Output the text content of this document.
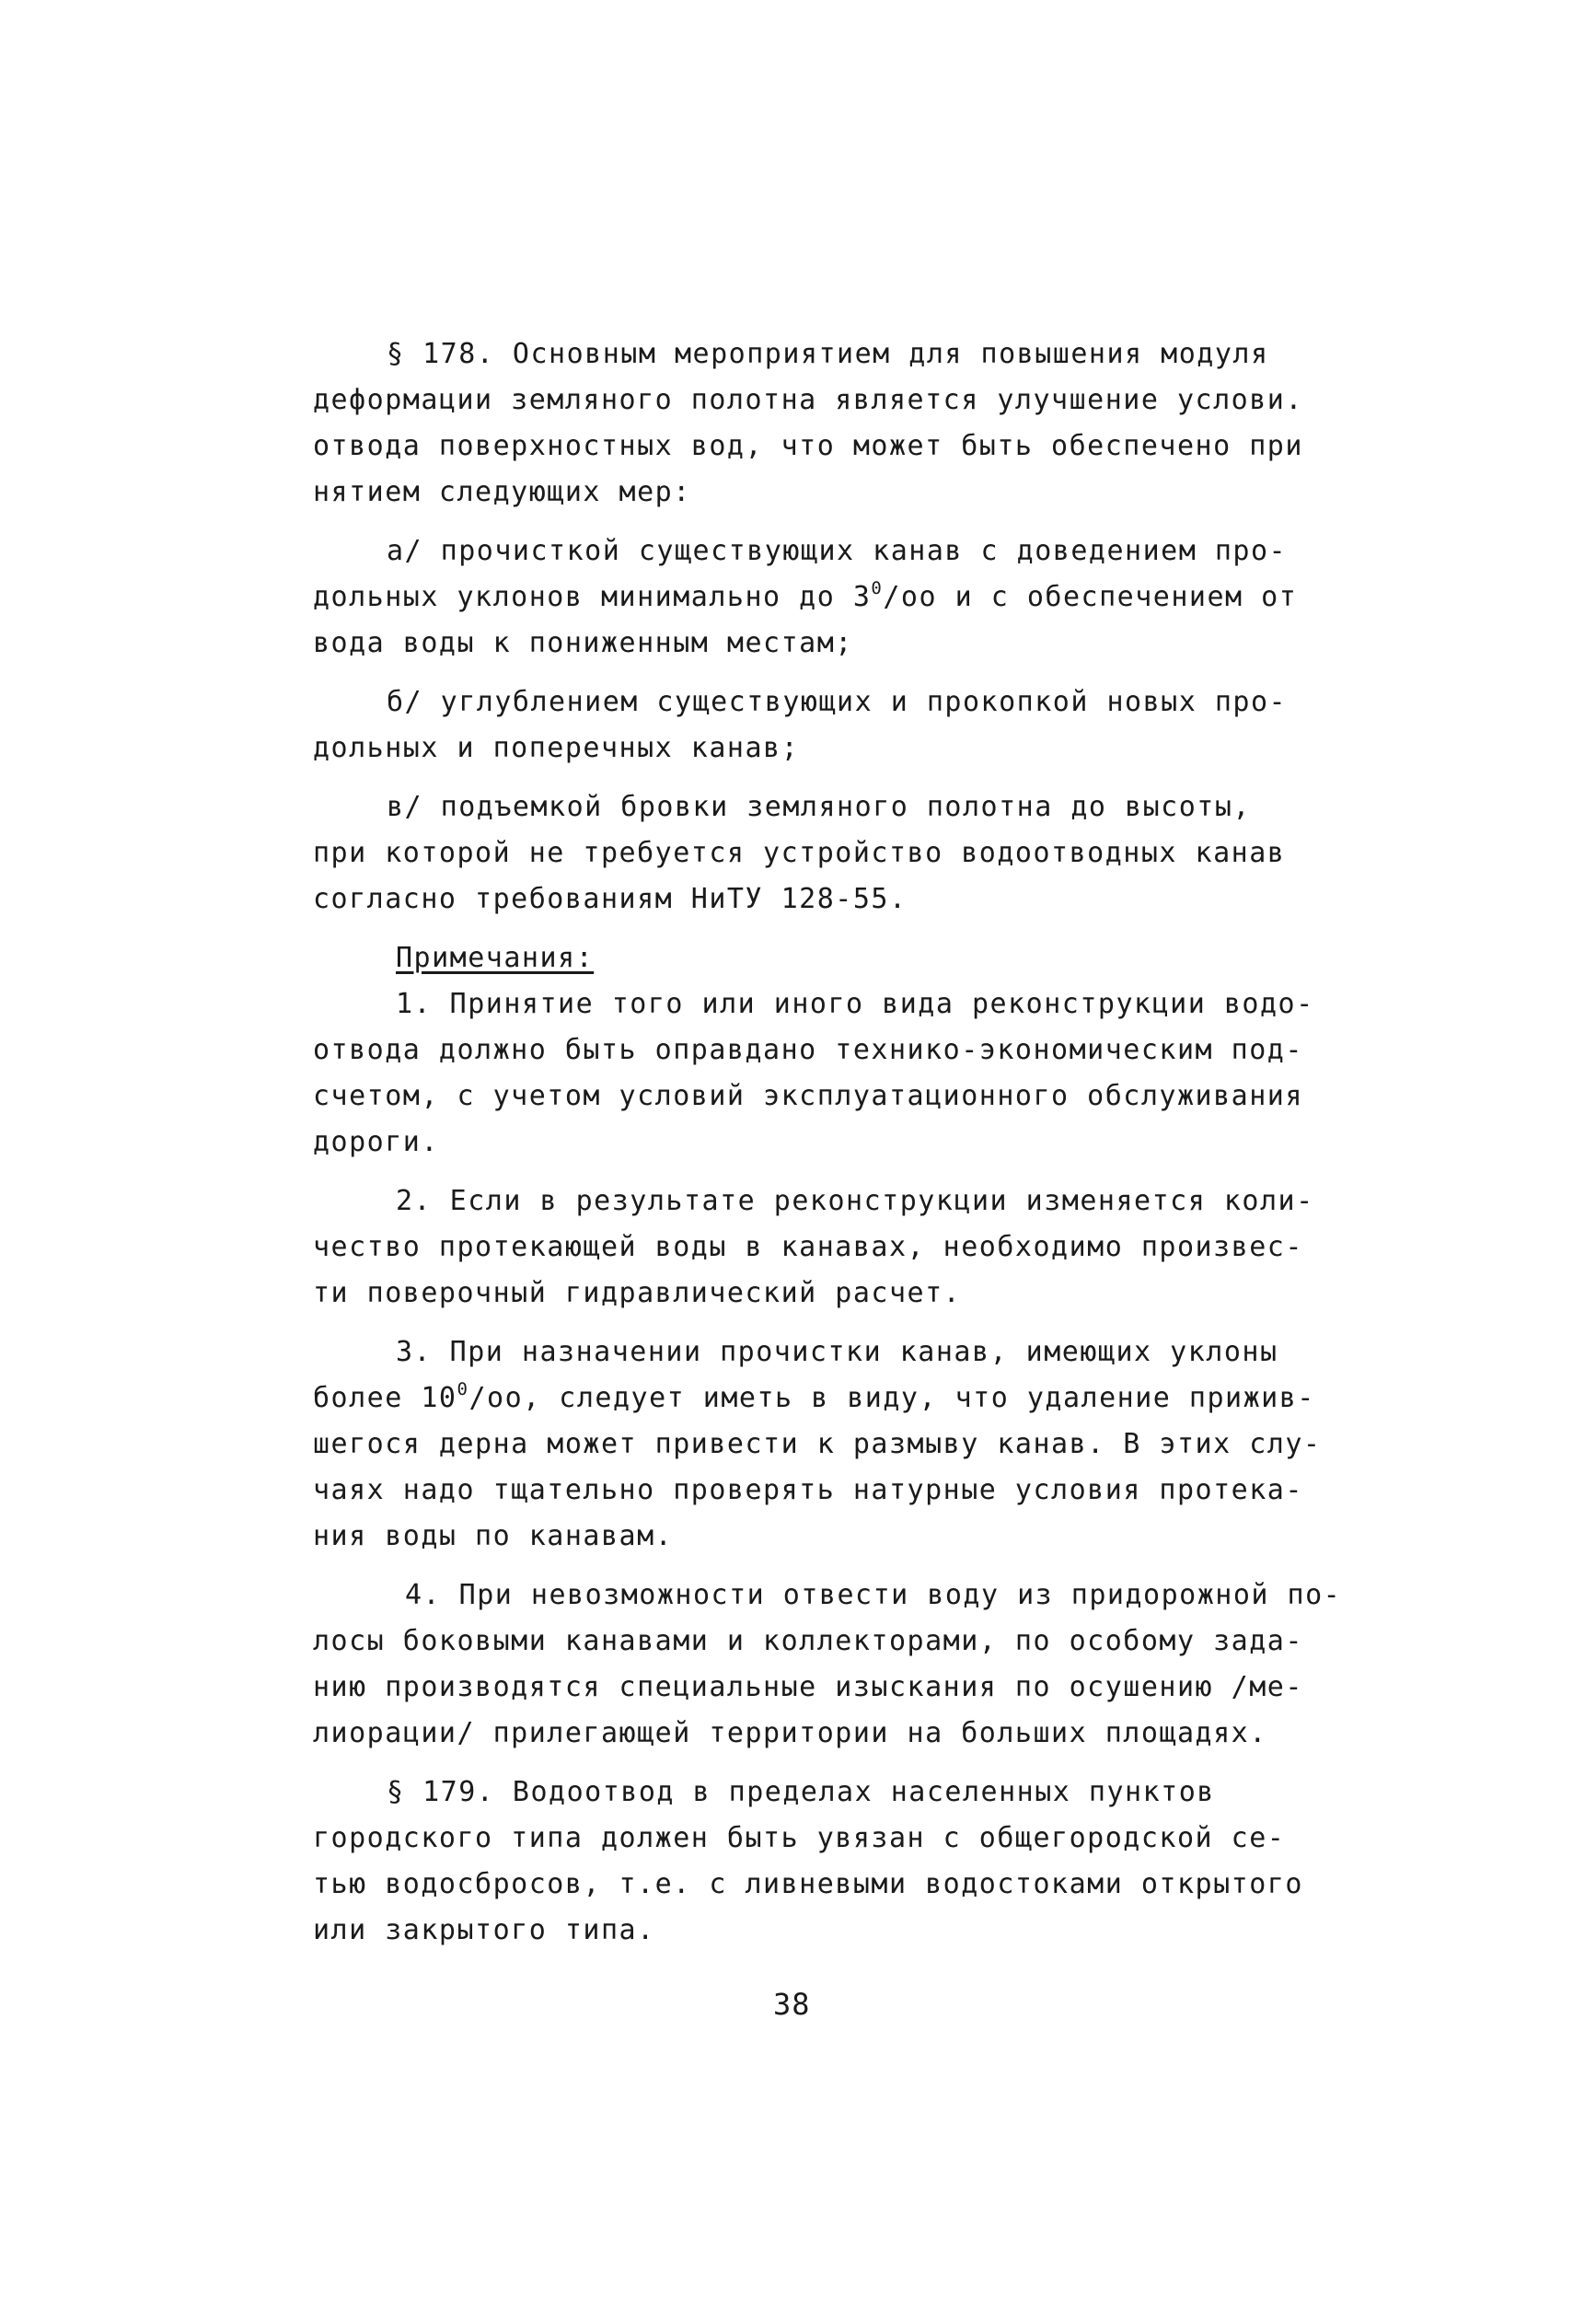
§ 178. Основным мероприятием для повышения модуля
деформации земляного полотна является улучшение услови.
отвода поверхностных вод, что может быть обеспечено при
нятием следующих мер:
а/ прочисткой существующих канав с доведением про-
дольных уклонов минимально до $3^0/оо$ и с обеспечением от
вода воды к пониженным местам;
б/ углублением существующих и прокопкой новых про-
дольных и поперечных канав;
в/ подъемкой бровки земляного полотна до высоты,
при которой не требуется устройство водоотводных канав
согласно требованиям НиТУ 128-55.
Примечания:
1. Принятие того или иного вида реконструкции водо-
отвода должно быть оправдано технико-экономическим под-
счетом, с учетом условий эксплуатационного обслуживания
дороги.
2. Если в результате реконструкции изменяется коли-
чество протекающей воды в канавах, необходимо произвес-
ти поверочный гидравлический расчет.
3. При назначении прочистки канав, имеющих уклоны
более $10^0/оо$, следует иметь в виду, что удаление прижив-
шегося дерна может привести к размыву канав. В этих слу-
чаях надо тщательно проверять натурные условия протека-
ния воды по канавам.
4. При невозможности отвести воду из придорожной по-
лосы боковыми канавами и коллекторами, по особому зада-
нию производятся специальные изыскания по осушению /ме-
лиорации/ прилегающей территории на больших площадях.
§ 179. Водоотвод в пределах населенных пунктов
городского типа должен быть увязан с общегородской се-
тью водосбросов, т.е. с ливневыми водостоками открытого
или закрытого типа.
38
